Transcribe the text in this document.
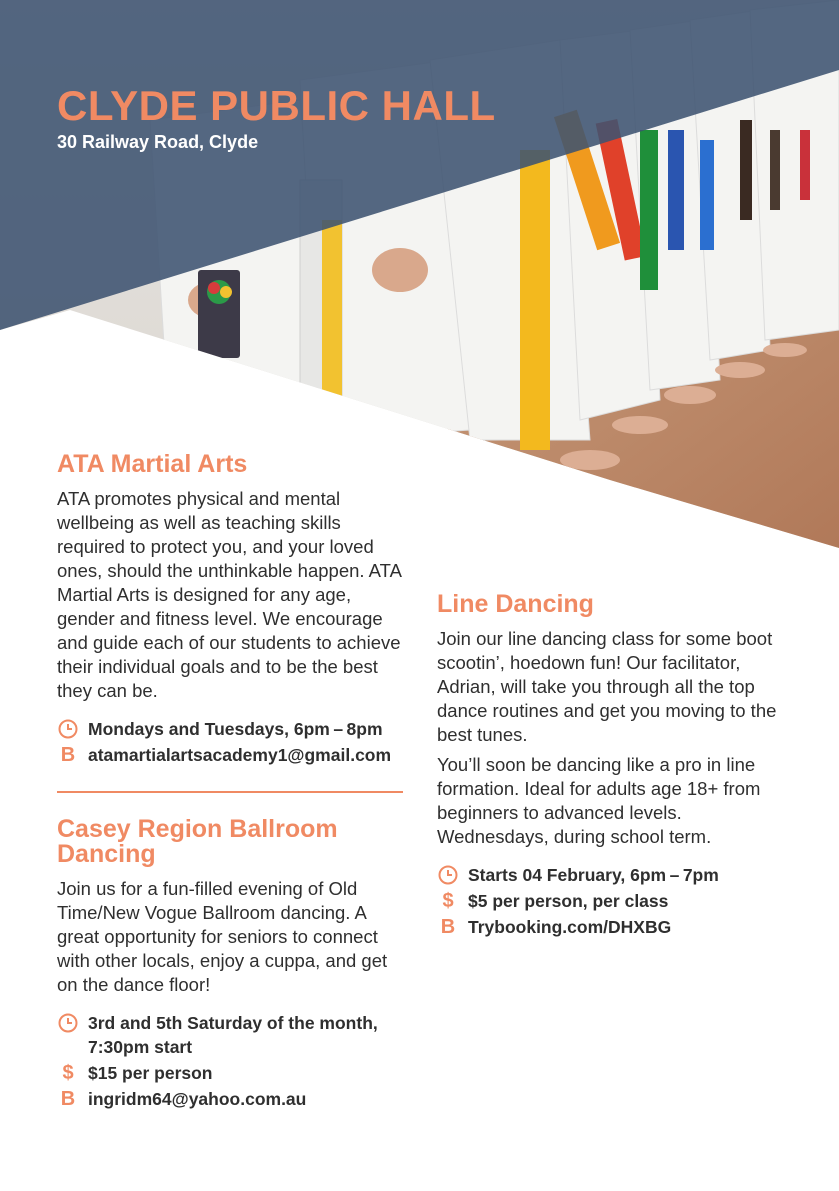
CLYDE PUBLIC HALL
30 Railway Road, Clyde
ATA Martial Arts

ATA promotes physical and mental wellbeing as well as teaching skills required to protect you, and your loved ones, should the unthinkable happen. ATA Martial Arts is designed for any age, gender and fitness level. We encourage and guide each of our students to achieve their individual goals and to be the best they can be.

Mondays and Tuesdays, 6pm – 8pm
B atamartialartsacademy1@gmail.com
Casey Region Ballroom Dancing

Join us for a fun-filled evening of Old Time/New Vogue Ballroom dancing. A great opportunity for seniors to connect with other locals, enjoy a cuppa, and get on the dance floor!

3rd and 5th Saturday of the month, 7:30pm start
$ $15 per person
B ingridm64@yahoo.com.au
Line Dancing

Join our line dancing class for some boot scootin’, hoedown fun! Our facilitator, Adrian, will take you through all the top dance routines and get you moving to the best tunes.

You’ll soon be dancing like a pro in line formation. Ideal for adults age 18+ from beginners to advanced levels. Wednesdays, during school term.

Starts 04 February, 6pm – 7pm
$ $5 per person, per class
B Trybooking.com/DHXBG
